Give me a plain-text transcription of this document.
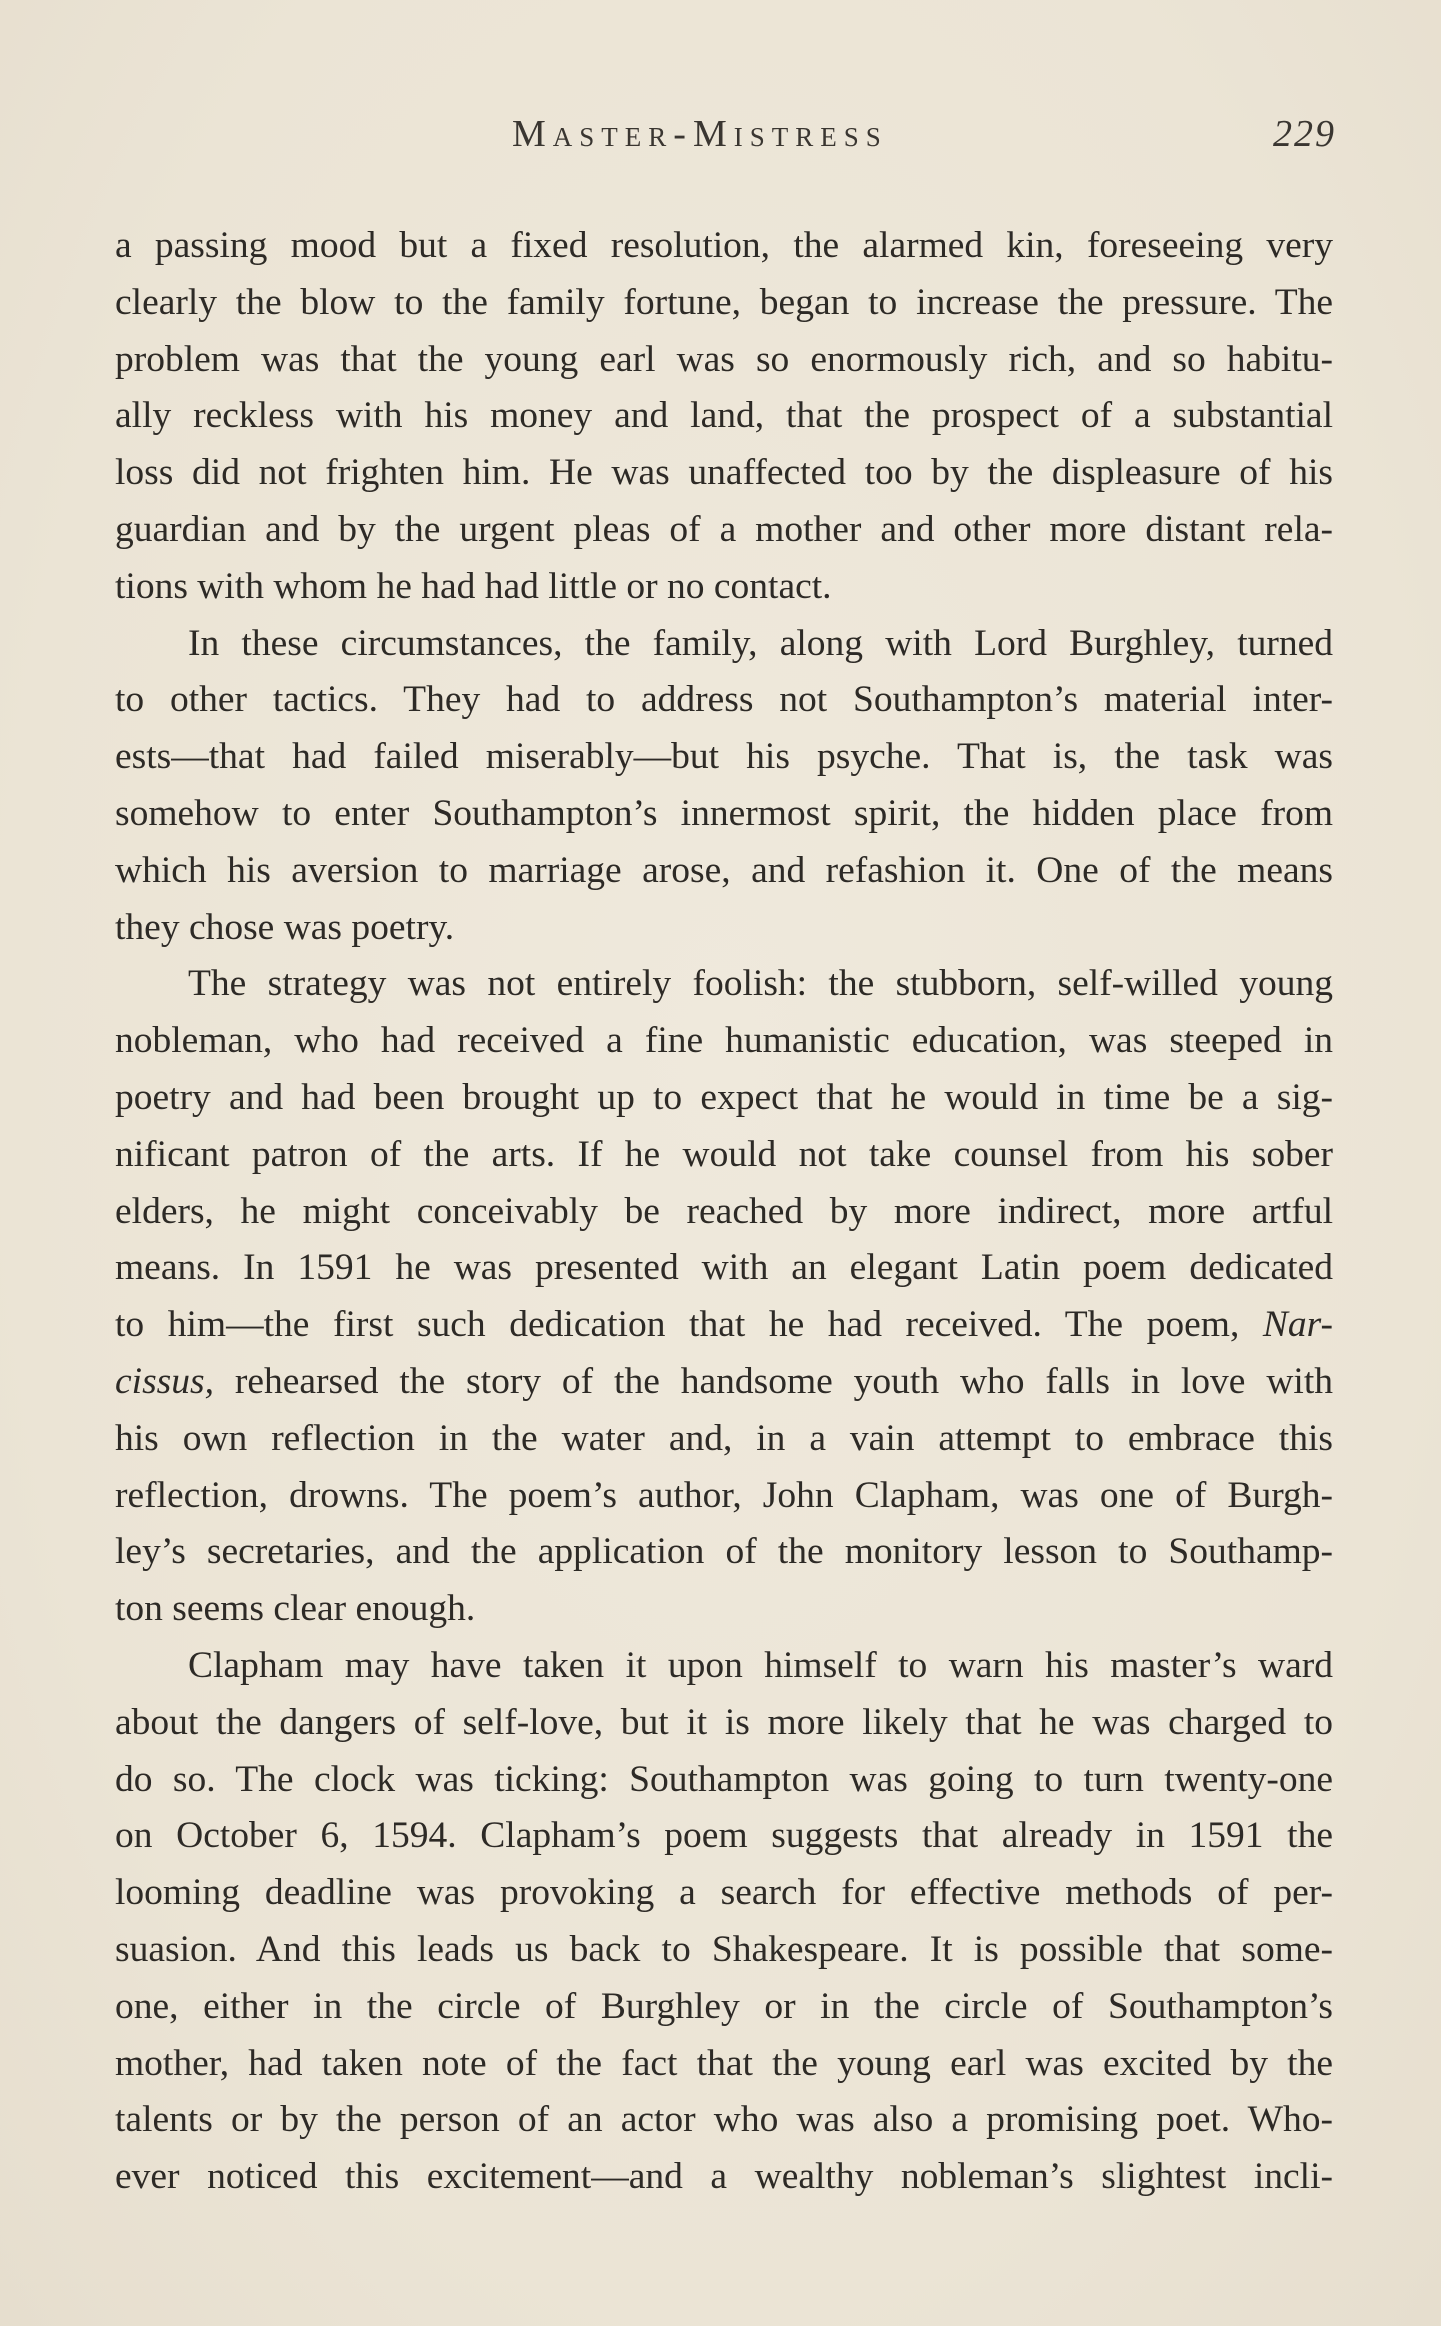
Master-Mistress	229

a passing mood but a fixed resolution, the alarmed kin, foreseeing very
clearly the blow to the family fortune, began to increase the pressure. The
problem was that the young earl was so enormously rich, and so habitu-
ally reckless with his money and land, that the prospect of a substantial
loss did not frighten him. He was unaffected too by the displeasure of his
guardian and by the urgent pleas of a mother and other more distant rela-
tions with whom he had had little or no contact.

In these circumstances, the family, along with Lord Burghley, turned
to other tactics. They had to address not Southampton’s material inter-
ests—that had failed miserably—but his psyche. That is, the task was
somehow to enter Southampton’s innermost spirit, the hidden place from
which his aversion to marriage arose, and refashion it. One of the means
they chose was poetry.

The strategy was not entirely foolish: the stubborn, self-willed young
nobleman, who had received a fine humanistic education, was steeped in
poetry and had been brought up to expect that he would in time be a sig-
nificant patron of the arts. If he would not take counsel from his sober
elders, he might conceivably be reached by more indirect, more artful
means. In 1591 he was presented with an elegant Latin poem dedicated
to him—the first such dedication that he had received. The poem, Nar-
cissus, rehearsed the story of the handsome youth who falls in love with
his own reflection in the water and, in a vain attempt to embrace this
reflection, drowns. The poem’s author, John Clapham, was one of Burgh-
ley’s secretaries, and the application of the monitory lesson to Southamp-
ton seems clear enough.

Clapham may have taken it upon himself to warn his master’s ward
about the dangers of self-love, but it is more likely that he was charged to
do so. The clock was ticking: Southampton was going to turn twenty-one
on October 6, 1594. Clapham’s poem suggests that already in 1591 the
looming deadline was provoking a search for effective methods of per-
suasion. And this leads us back to Shakespeare. It is possible that some-
one, either in the circle of Burghley or in the circle of Southampton’s
mother, had taken note of the fact that the young earl was excited by the
talents or by the person of an actor who was also a promising poet. Who-
ever noticed this excitement—and a wealthy nobleman’s slightest incli-
